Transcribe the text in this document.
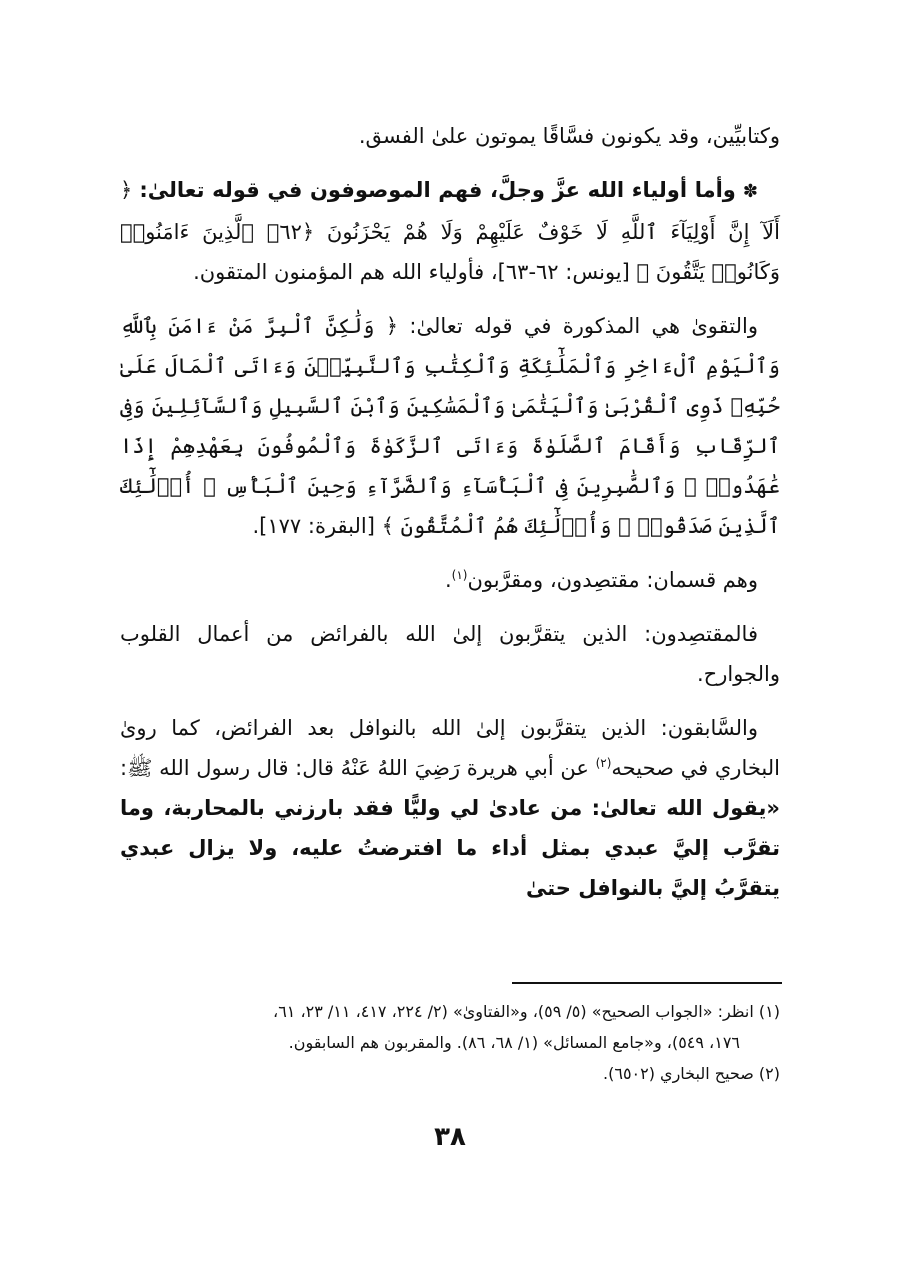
وكتابيِّين، وقد يكونون فسَّاقًا يموتون علىٰ الفسق.

✽ وأما أولياء الله عزَّ وجلَّ، فهم الموصوفون في قوله تعالىٰ: ﴿ أَلَآ إِنَّ أَوْلِيَآءَ ٱللَّهِ لَا خَوْفٌ عَلَيْهِمْ وَلَا هُمْ يَحْزَنُونَ ﴿٦٢﴾ ٱلَّذِينَ ءَامَنُوا۟ وَكَانُوا۟ يَتَّقُونَ ﴾ [يونس: ٦٢-٦٣]، فأولياء الله هم المؤمنون المتقون.

والتقوىٰ هي المذكورة في قوله تعالىٰ: ﴿ وَلَٰكِنَّ ٱلْبِرَّ مَنْ ءَامَنَ بِٱللَّهِ وَٱلْيَوْمِ ٱلْءَاخِرِ وَٱلْمَلَٰٓئِكَةِ وَٱلْكِتَٰبِ وَٱلنَّبِيِّـۧنَ وَءَاتَى ٱلْمَالَ عَلَىٰ حُبِّهِۦ ذَوِى ٱلْقُرْبَىٰ وَٱلْيَتَٰمَىٰ وَٱلْمَسَٰكِينَ وَٱبْنَ ٱلسَّبِيلِ وَٱلسَّآئِلِينَ وَفِى ٱلرِّقَابِ وَأَقَامَ ٱلصَّلَوٰةَ وَءَاتَى ٱلزَّكَوٰةَ وَٱلْمُوفُونَ بِعَهْدِهِمْ إِذَا عَٰهَدُوا۟ ۖ وَٱلصَّٰبِرِينَ فِى ٱلْبَأْسَآءِ وَٱلضَّرَّآءِ وَحِينَ ٱلْبَأْسِ ۗ أُو۟لَٰٓئِكَ ٱلَّذِينَ صَدَقُوا۟ ۖ وَأُو۟لَٰٓئِكَ هُمُ ٱلْمُتَّقُونَ ﴾ [البقرة: ١٧٧].

وهم قسمان: مقتصِدون، ومقرَّبون$^{(١)}$.

فالمقتصِدون: الذين يتقرَّبون إلىٰ الله بالفرائض من أعمال القلوب والجوارح.

والسَّابقون: الذين يتقرَّبون إلىٰ الله بالنوافل بعد الفرائض، كما روىٰ البخاري في صحيحه$^{(٢)}$ عن أبي هريرة رَضِيَ اللهُ عَنْهُ قال: قال رسول الله ﷺ: «يقول الله تعالىٰ: من عادىٰ لي وليًّا فقد بارزني بالمحاربة، وما تقرَّب إليَّ عبدي بمثل أداء ما افترضتُ عليه، ولا يزال عبدي يتقرَّبُ إليَّ بالنوافل حتىٰ

(١) انظر: «الجواب الصحيح» (٥/ ٥٩)، و«الفتاوىٰ» (٢/ ٢٢٤، ٤١٧، ١١/ ٢٣، ٦١،

١٧٦، ٥٤٩)، و«جامع المسائل» (١/ ٦٨، ٨٦). والمقربون هم السابقون.

(٢) صحيح البخاري (٦٥٠٢).

٣٨
